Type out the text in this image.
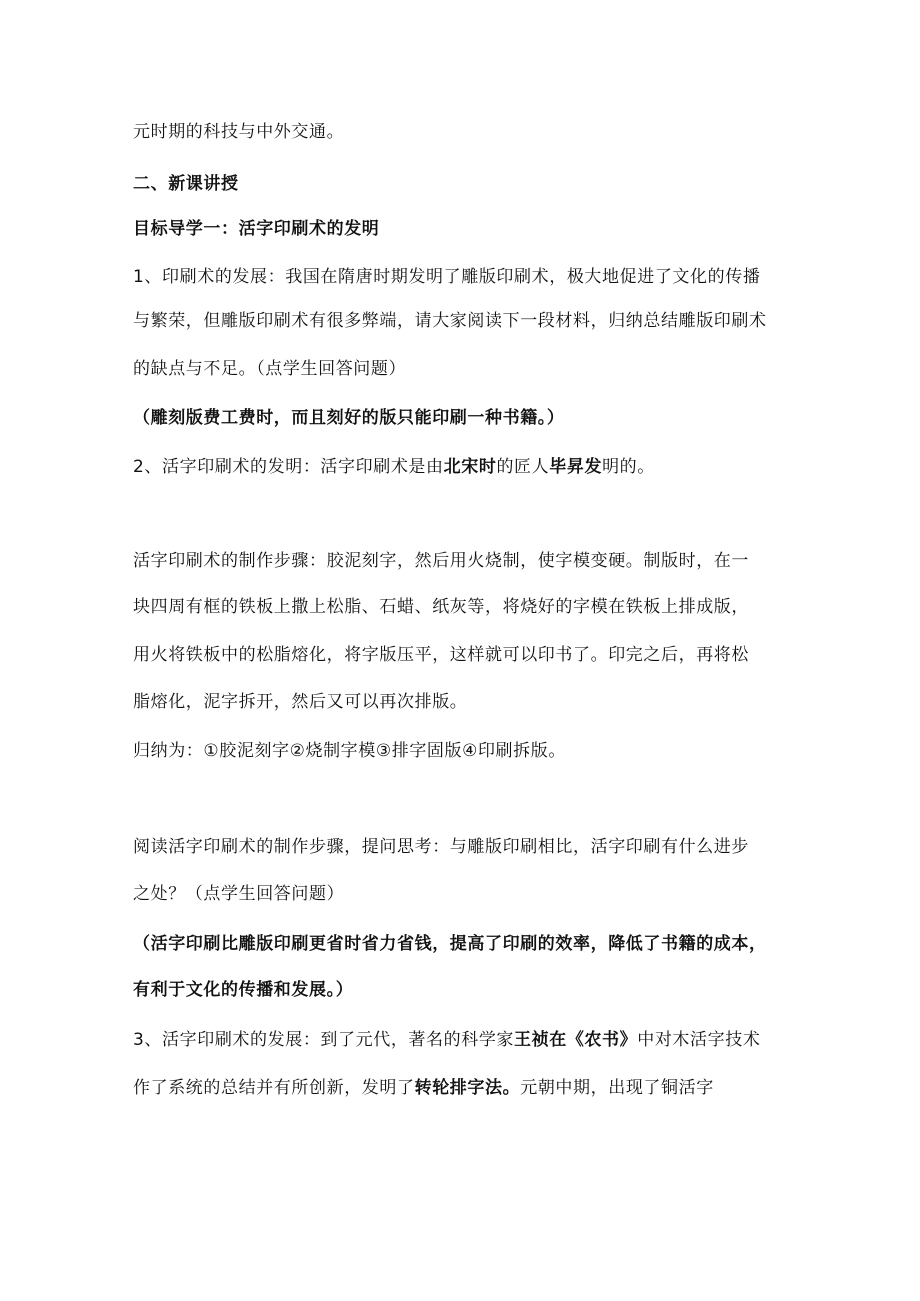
元时期的科技与中外交通。

二、新课讲授

目标导学一：活字印刷术的发明

1、印刷术的发展：我国在隋唐时期发明了雕版印刷术，极大地促进了文化的传播

与繁荣，但雕版印刷术有很多弊端，请大家阅读下一段材料，归纳总结雕版印刷术

的缺点与不足。（点学生回答问题）

（雕刻版费工费时，而且刻好的版只能印刷一种书籍。）

2、活字印刷术的发明：活字印刷术是由北宋时的匠人毕昇发明的。

活字印刷术的制作步骤：胶泥刻字，然后用火烧制，使字模变硬。制版时，在一

块四周有框的铁板上撒上松脂、石蜡、纸灰等，将烧好的字模在铁板上排成版，

用火将铁板中的松脂熔化，将字版压平，这样就可以印书了。印完之后，再将松

脂熔化，泥字拆开，然后又可以再次排版。

归纳为：①胶泥刻字②烧制字模③排字固版④印刷拆版。

阅读活字印刷术的制作步骤，提问思考：与雕版印刷相比，活字印刷有什么进步

之处？（点学生回答问题）

（活字印刷比雕版印刷更省时省力省钱，提高了印刷的效率，降低了书籍的成本，

有利于文化的传播和发展。）

3、活字印刷术的发展：到了元代，著名的科学家王祯在《农书》中对木活字技术

作了系统的总结并有所创新，发明了转轮排字法。元朝中期，出现了铜活字
